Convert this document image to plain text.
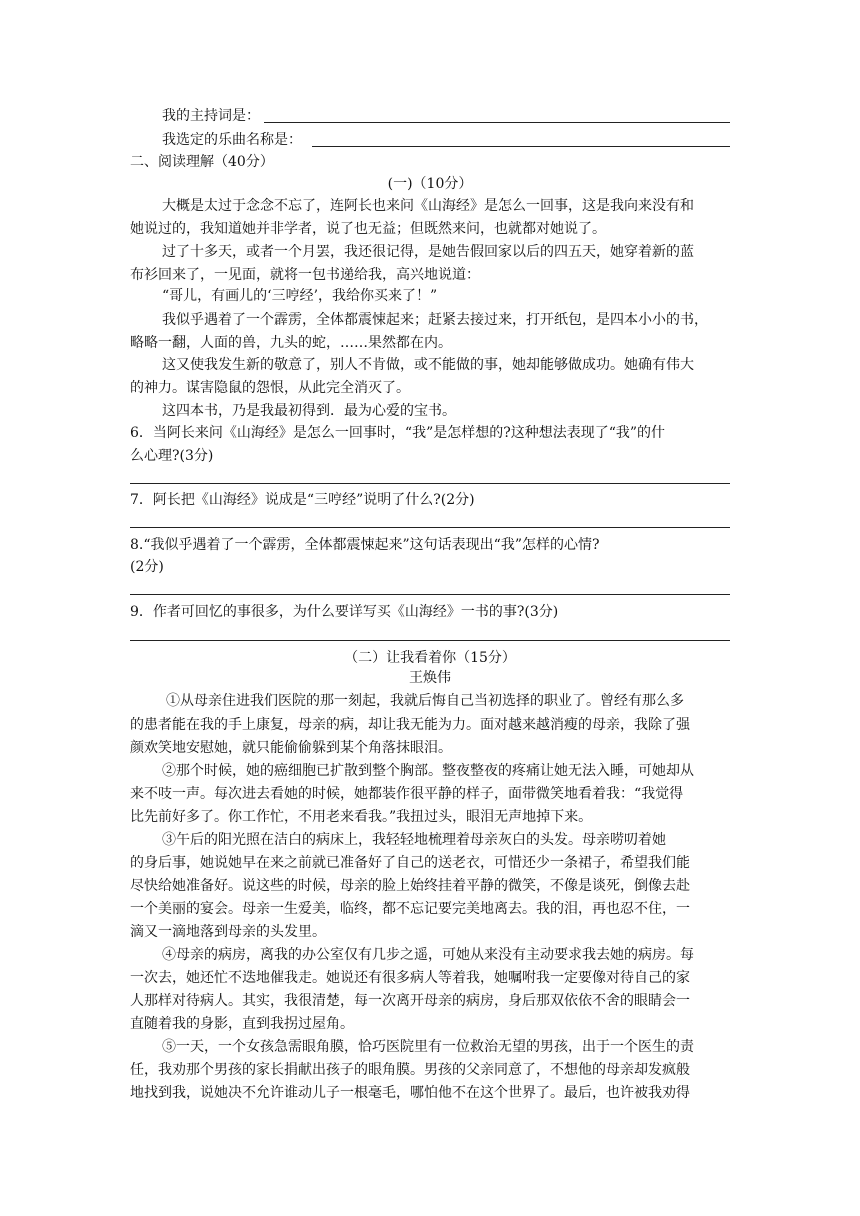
我的主持词是：
我选定的乐曲名称是：
二、阅读理解（40分）
(一)（10分）
大概是太过于念念不忘了，连阿长也来问《山海经》是怎么一回事，这是我向来没有和
她说过的，我知道她并非学者，说了也无益；但既然来问，也就都对她说了。
过了十多天，或者一个月罢，我还很记得，是她告假回家以后的四五天，她穿着新的蓝
布衫回来了，一见面，就将一包书递给我，高兴地说道：
“哥儿，有画儿的‘三哼经’，我给你买来了！”
我似乎遇着了一个霹雳，全体都震悚起来；赶紧去接过来，打开纸包，是四本小小的书，
略略一翻，人面的兽，九头的蛇，……果然都在内。
这又使我发生新的敬意了，别人不肯做，或不能做的事，她却能够做成功。她确有伟大
的神力。谋害隐鼠的怨恨，从此完全消灭了。
这四本书，乃是我最初得到．最为心爱的宝书。
6．当阿长来问《山海经》是怎么一回事时，“我”是怎样想的?这种想法表现了“我”的什
么心理?(3分)
7．阿长把《山海经》说成是“三哼经”说明了什么?(2分)
8.“我似乎遇着了一个霹雳，全体都震悚起来”这句话表现出“我”怎样的心情?
(2分)
9．作者可回忆的事很多，为什么要详写买《山海经》一书的事?(3分)
（二）让我看着你（15分）
王焕伟
①从母亲住进我们医院的那一刻起，我就后悔自己当初选择的职业了。曾经有那么多
的患者能在我的手上康复，母亲的病，却让我无能为力。面对越来越消瘦的母亲，我除了强
颜欢笑地安慰她，就只能偷偷躲到某个角落抹眼泪。
②那个时候，她的癌细胞已扩散到整个胸部。整夜整夜的疼痛让她无法入睡，可她却从
来不吱一声。每次进去看她的时候，她都装作很平静的样子，面带微笑地看着我：“我觉得
比先前好多了。你工作忙，不用老来看我。”我扭过头，眼泪无声地掉下来。
③午后的阳光照在洁白的病床上，我轻轻地梳理着母亲灰白的头发。母亲唠叨着她
的身后事，她说她早在来之前就已准备好了自己的送老衣，可惜还少一条裙子，希望我们能
尽快给她准备好。说这些的时候，母亲的脸上始终挂着平静的微笑，不像是谈死，倒像去赴
一个美丽的宴会。母亲一生爱美，临终，都不忘记要完美地离去。我的泪，再也忍不住，一
滴又一滴地落到母亲的头发里。
④母亲的病房，离我的办公室仅有几步之遥，可她从来没有主动要求我去她的病房。每
一次去，她还忙不迭地催我走。她说还有很多病人等着我，她嘱咐我一定要像对待自己的家
人那样对待病人。其实，我很清楚，每一次离开母亲的病房，身后那双依依不舍的眼睛会一
直随着我的身影，直到我拐过屋角。
⑤一天，一个女孩急需眼角膜，恰巧医院里有一位救治无望的男孩，出于一个医生的责
任，我劝那个男孩的家长捐献出孩子的眼角膜。男孩的父亲同意了，不想他的母亲却发疯般
地找到我，说她决不允许谁动儿子一根毫毛，哪怕他不在这个世界了。最后，也许被我劝得
